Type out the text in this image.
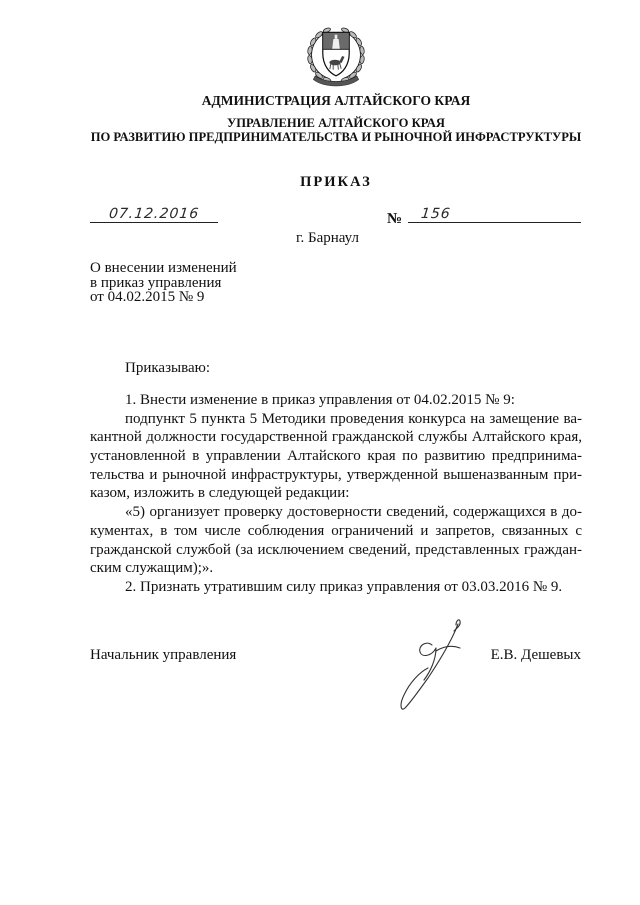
АДМИНИСТРАЦИЯ АЛТАЙСКОГО КРАЯ
УПРАВЛЕНИЕ АЛТАЙСКОГО КРАЯ
ПО РАЗВИТИЮ ПРЕДПРИНИМАТЕЛЬСТВА И РЫНОЧНОЙ ИНФРАСТРУКТУРЫ
ПРИКАЗ
07.12.2016	№ 156
г. Барнаул
О внесении изменений
в приказ управления
от 04.02.2015 № 9
Приказываю:
1. Внести изменение в приказ управления от 04.02.2015 № 9:
подпункт 5 пункта 5 Методики проведения конкурса на замещение ва-
кантной должности государственной гражданской службы Алтайского края,
установленной в управлении Алтайского края по развитию предпринима-
тельства и рыночной инфраструктуры, утвержденной вышеназванным при-
казом, изложить в следующей редакции:
«5) организует проверку достоверности сведений, содержащихся в до-
кументах, в том числе соблюдения ограничений и запретов, связанных с
гражданской службой (за исключением сведений, представленных граждан-
ским служащим);».
2. Признать утратившим силу приказ управления от 03.03.2016 № 9.
Начальник управления	Е.В. Дешевых
